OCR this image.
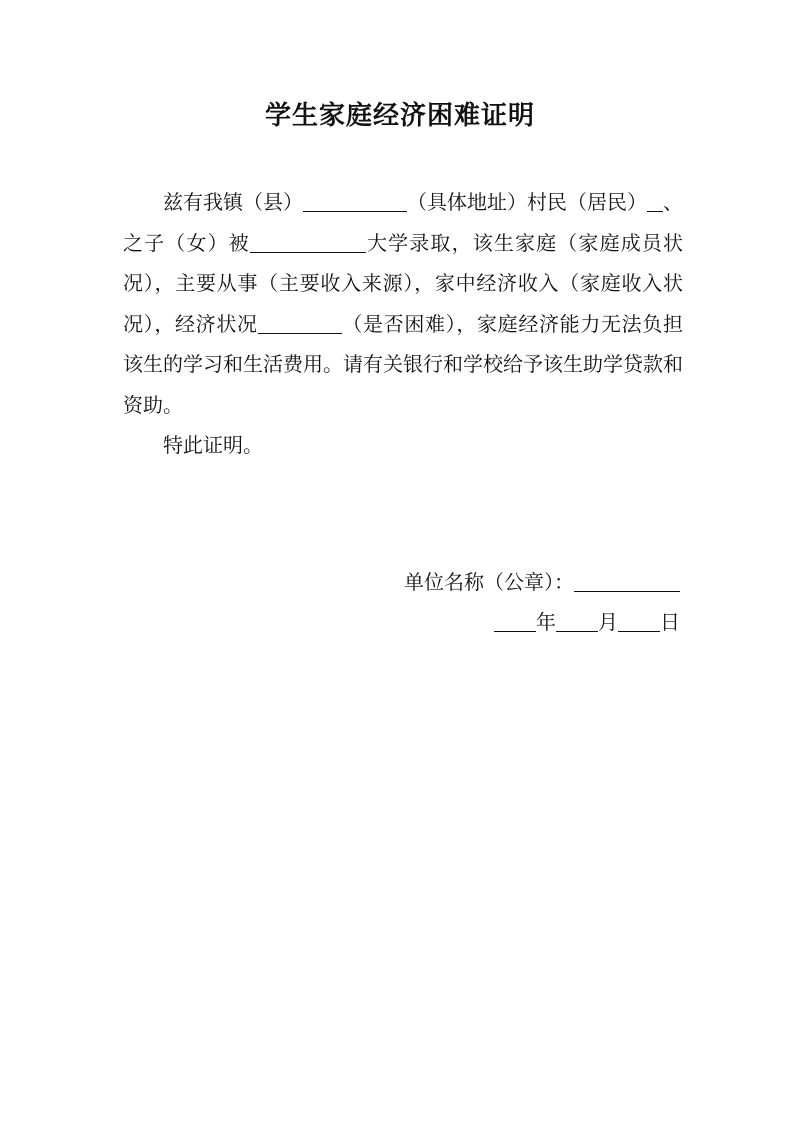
学生家庭经济困难证明

兹有我镇（县）	（具体地址）村民（居民） 、之子（女）被	大学录取，该生家庭（家庭成员状况），主要从事（主要收入来源），家中经济收入（家庭收入状况），经济状况	（是否困难），家庭经济能力无法负担该生的学习和生活费用。请有关银行和学校给予该生助学贷款和资助。

特此证明。

单位名称（公章）：
年 月 日
